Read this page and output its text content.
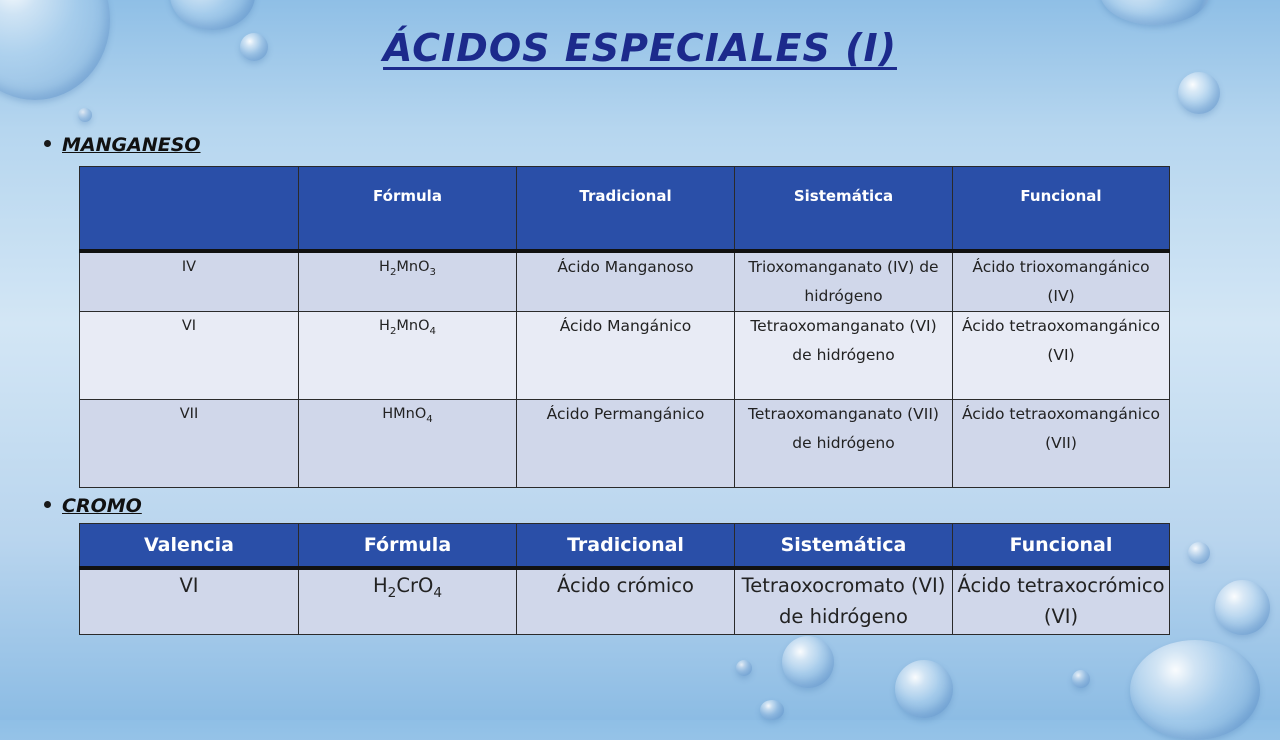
ÁCIDOS ESPECIALES (I)
MANGANESO
	Fórmula	Tradicional	Sistemática	Funcional
IV	$H_2MnO_3$	Ácido Manganoso	Trioxomanganato (IV) de hidrógeno	Ácido trioxomangánico (IV)
VI	$H_2MnO_4$	Ácido Mangánico	Tetraoxomanganato (VI) de hidrógeno	Ácido tetraoxomangánico (VI)
VII	HMnO$_4$	Ácido Permangánico	Tetraoxomanganato (VII) de hidrógeno	Ácido tetraoxomangánico (VII)
CROMO
Valencia	Fórmula	Tradicional	Sistemática	Funcional
VI	$H_2CrO_4$	Ácido crómico	Tetraoxocromato (VI) de hidrógeno	Ácido tetraxocrómico (VI)
